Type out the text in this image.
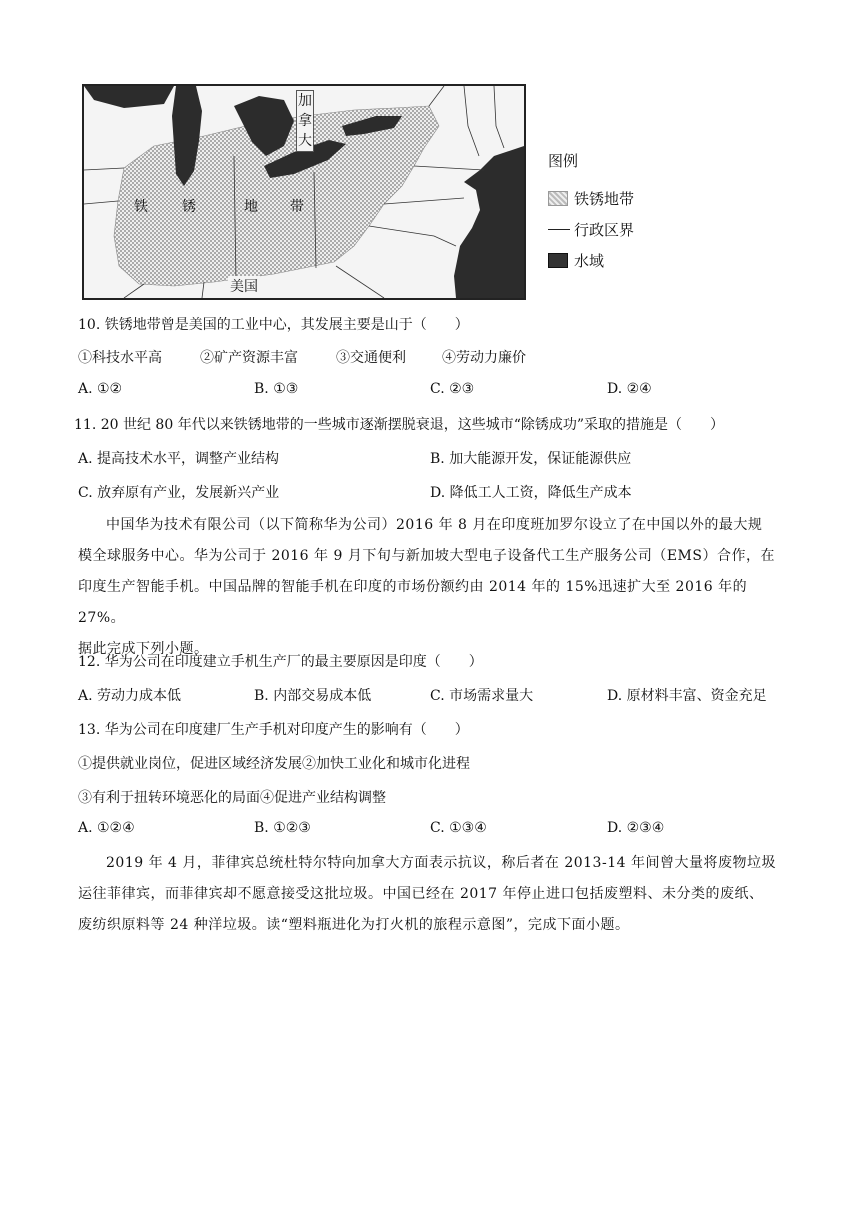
加
拿
大
铁 锈	地 带
美国
图例
铁锈地带
行政区界
水域
10. 铁锈地带曾是美国的工业中心，其发展主要是山于（　　）
①科技水平高	②矿产资源丰富	③交通便利	④劳动力廉价
A. ①②	B. ①③	C. ②③	D. ②④
11. 20 世纪 80 年代以来铁锈地带的一些城市逐渐摆脱衰退，这些城市“除锈成功”采取的措施是（　　）
A. 提高技术水平，调整产业结构	B. 加大能源开发，保证能源供应
C. 放弃原有产业，发展新兴产业	D. 降低工人工资，降低生产成本

中国华为技术有限公司（以下简称华为公司）2016 年 8 月在印度班加罗尔设立了在中国以外的最大规

模全球服务中心。华为公司于 2016 年 9 月下旬与新加坡大型电子设备代工生产服务公司（EMS）合作，在

印度生产智能手机。中国品牌的智能手机在印度的市场份额约由 2014 年的 15%迅速扩大至 2016 年的 27%。

据此完成下列小题。

12. 华为公司在印度建立手机生产厂的最主要原因是印度（　　）
A. 劳动力成本低	B. 内部交易成本低	C. 市场需求量大	D. 原材料丰富、资金充足
13. 华为公司在印度建厂生产手机对印度产生的影响有（　　）
①提供就业岗位，促进区域经济发展②加快工业化和城市化进程
③有利于扭转环境恶化的局面④促进产业结构调整
A. ①②④	B. ①②③	C. ①③④	D. ②③④

2019 年 4 月，菲律宾总统杜特尔特向加拿大方面表示抗议，称后者在 2013-14 年间曾大量将废物垃圾

运往菲律宾，而菲律宾却不愿意接受这批垃圾。中国已经在 2017 年停止进口包括废塑料、未分类的废纸、

废纺织原料等 24 种洋垃圾。读“塑料瓶进化为打火机的旅程示意图”，完成下面小题。
